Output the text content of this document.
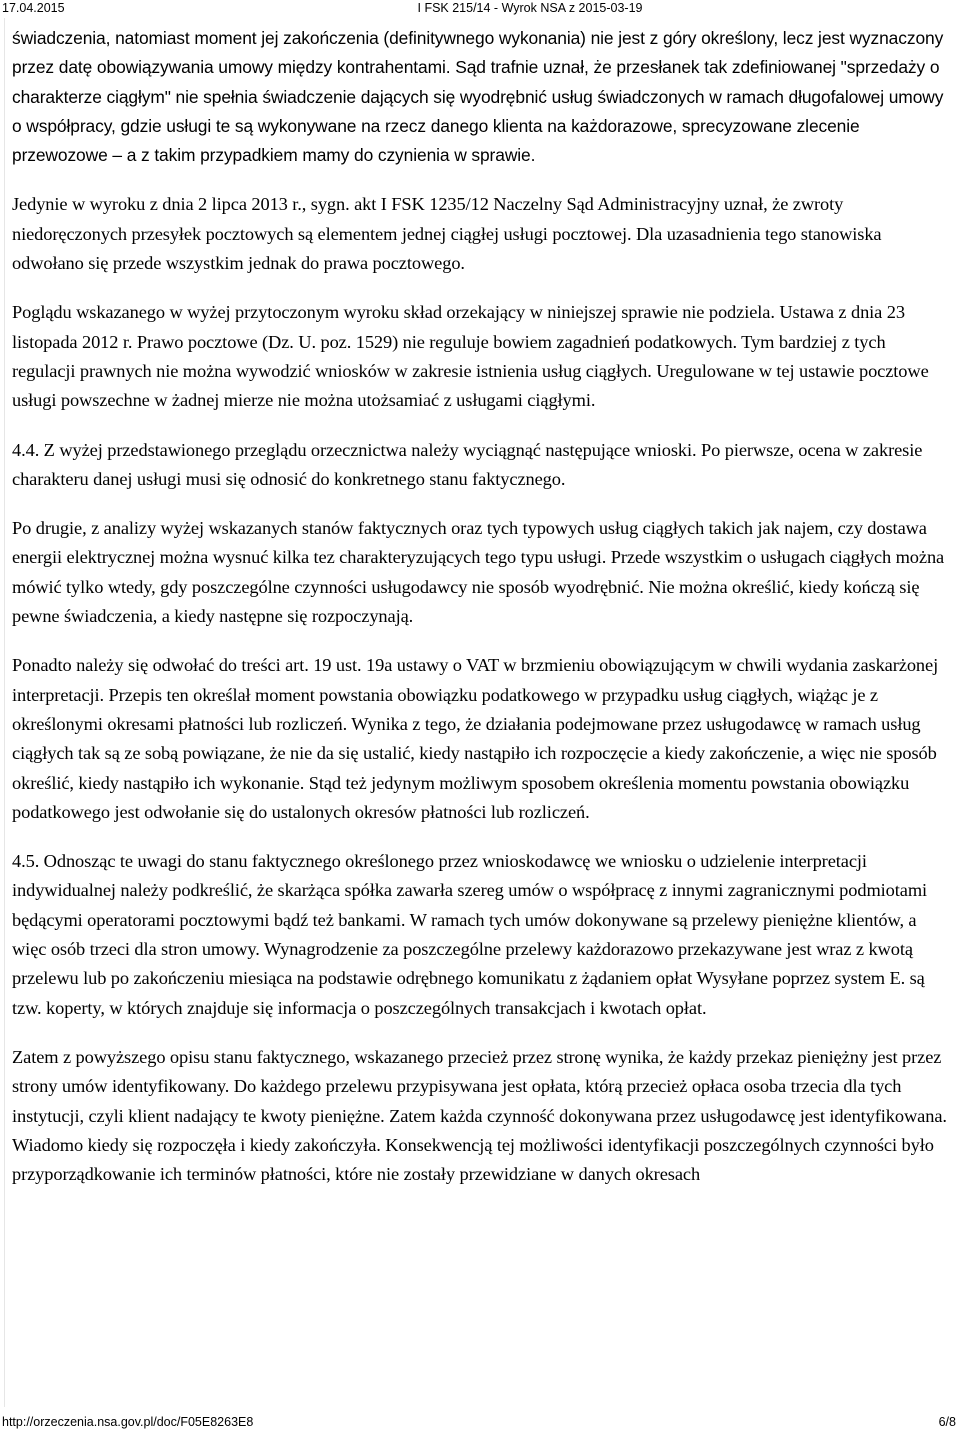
17.04.2015	I FSK 215/14 - Wyrok NSA z 2015-03-19

świadczenia, natomiast moment jej zakończenia (definitywnego wykonania) nie jest z góry określony, lecz jest wyznaczony przez datę obowiązywania umowy między kontrahentami. Sąd trafnie uznał, że przesłanek tak zdefiniowanej "sprzedaży o charakterze ciągłym" nie spełnia świadczenie dających się wyodrębnić usług świadczonych w ramach długofalowej umowy o współpracy, gdzie usługi te są wykonywane na rzecz danego klienta na każdorazowe, sprecyzowane zlecenie przewozowe – a z takim przypadkiem mamy do czynienia w sprawie.

Jedynie w wyroku z dnia 2 lipca 2013 r., sygn. akt I FSK 1235/12 Naczelny Sąd Administracyjny uznał, że zwroty niedoręczonych przesyłek pocztowych są elementem jednej ciągłej usługi pocztowej. Dla uzasadnienia tego stanowiska odwołano się przede wszystkim jednak do prawa pocztowego.

Poglądu wskazanego w wyżej przytoczonym wyroku skład orzekający w niniejszej sprawie nie podziela. Ustawa z dnia 23 listopada 2012 r. Prawo pocztowe (Dz. U. poz. 1529) nie reguluje bowiem zagadnień podatkowych. Tym bardziej z tych regulacji prawnych nie można wywodzić wniosków w zakresie istnienia usług ciągłych. Uregulowane w tej ustawie pocztowe usługi powszechne w żadnej mierze nie można utożsamiać z usługami ciągłymi.

4.4. Z wyżej przedstawionego przeglądu orzecznictwa należy wyciągnąć następujące wnioski. Po pierwsze, ocena w zakresie charakteru danej usługi musi się odnosić do konkretnego stanu faktycznego.

Po drugie, z analizy wyżej wskazanych stanów faktycznych oraz tych typowych usług ciągłych takich jak najem, czy dostawa energii elektrycznej można wysnuć kilka tez charakteryzujących tego typu usługi. Przede wszystkim o usługach ciągłych można mówić tylko wtedy, gdy poszczególne czynności usługodawcy nie sposób wyodrębnić. Nie można określić, kiedy kończą się pewne świadczenia, a kiedy następne się rozpoczynają.

Ponadto należy się odwołać do treści art. 19 ust. 19a ustawy o VAT w brzmieniu obowiązującym w chwili wydania zaskarżonej interpretacji. Przepis ten określał moment powstania obowiązku podatkowego w przypadku usług ciągłych, wiążąc je z określonymi okresami płatności lub rozliczeń. Wynika z tego, że działania podejmowane przez usługodawcę w ramach usług ciągłych tak są ze sobą powiązane, że nie da się ustalić, kiedy nastąpiło ich rozpoczęcie a kiedy zakończenie, a więc nie sposób określić, kiedy nastąpiło ich wykonanie. Stąd też jedynym możliwym sposobem określenia momentu powstania obowiązku podatkowego jest odwołanie się do ustalonych okresów płatności lub rozliczeń.

4.5. Odnosząc te uwagi do stanu faktycznego określonego przez wnioskodawcę we wniosku o udzielenie interpretacji indywidualnej należy podkreślić, że skarżąca spółka zawarła szereg umów o współpracę z innymi zagranicznymi podmiotami będącymi operatorami pocztowymi bądź też bankami. W ramach tych umów dokonywane są przelewy pieniężne klientów, a więc osób trzeci dla stron umowy. Wynagrodzenie za poszczególne przelewy każdorazowo przekazywane jest wraz z kwotą przelewu lub po zakończeniu miesiąca na podstawie odrębnego komunikatu z żądaniem opłat Wysyłane poprzez system E. są tzw. koperty, w których znajduje się informacja o poszczególnych transakcjach i kwotach opłat.

Zatem z powyższego opisu stanu faktycznego, wskazanego przecież przez stronę wynika, że każdy przekaz pieniężny jest przez strony umów identyfikowany. Do każdego przelewu przypisywana jest opłata, którą przecież opłaca osoba trzecia dla tych instytucji, czyli klient nadający te kwoty pieniężne. Zatem każda czynność dokonywana przez usługodawcę jest identyfikowana. Wiadomo kiedy się rozpoczęła i kiedy zakończyła. Konsekwencją tej możliwości identyfikacji poszczególnych czynności było przyporządkowanie ich terminów płatności, które nie zostały przewidziane w danych okresach

http://orzeczenia.nsa.gov.pl/doc/F05E8263E8	6/8
